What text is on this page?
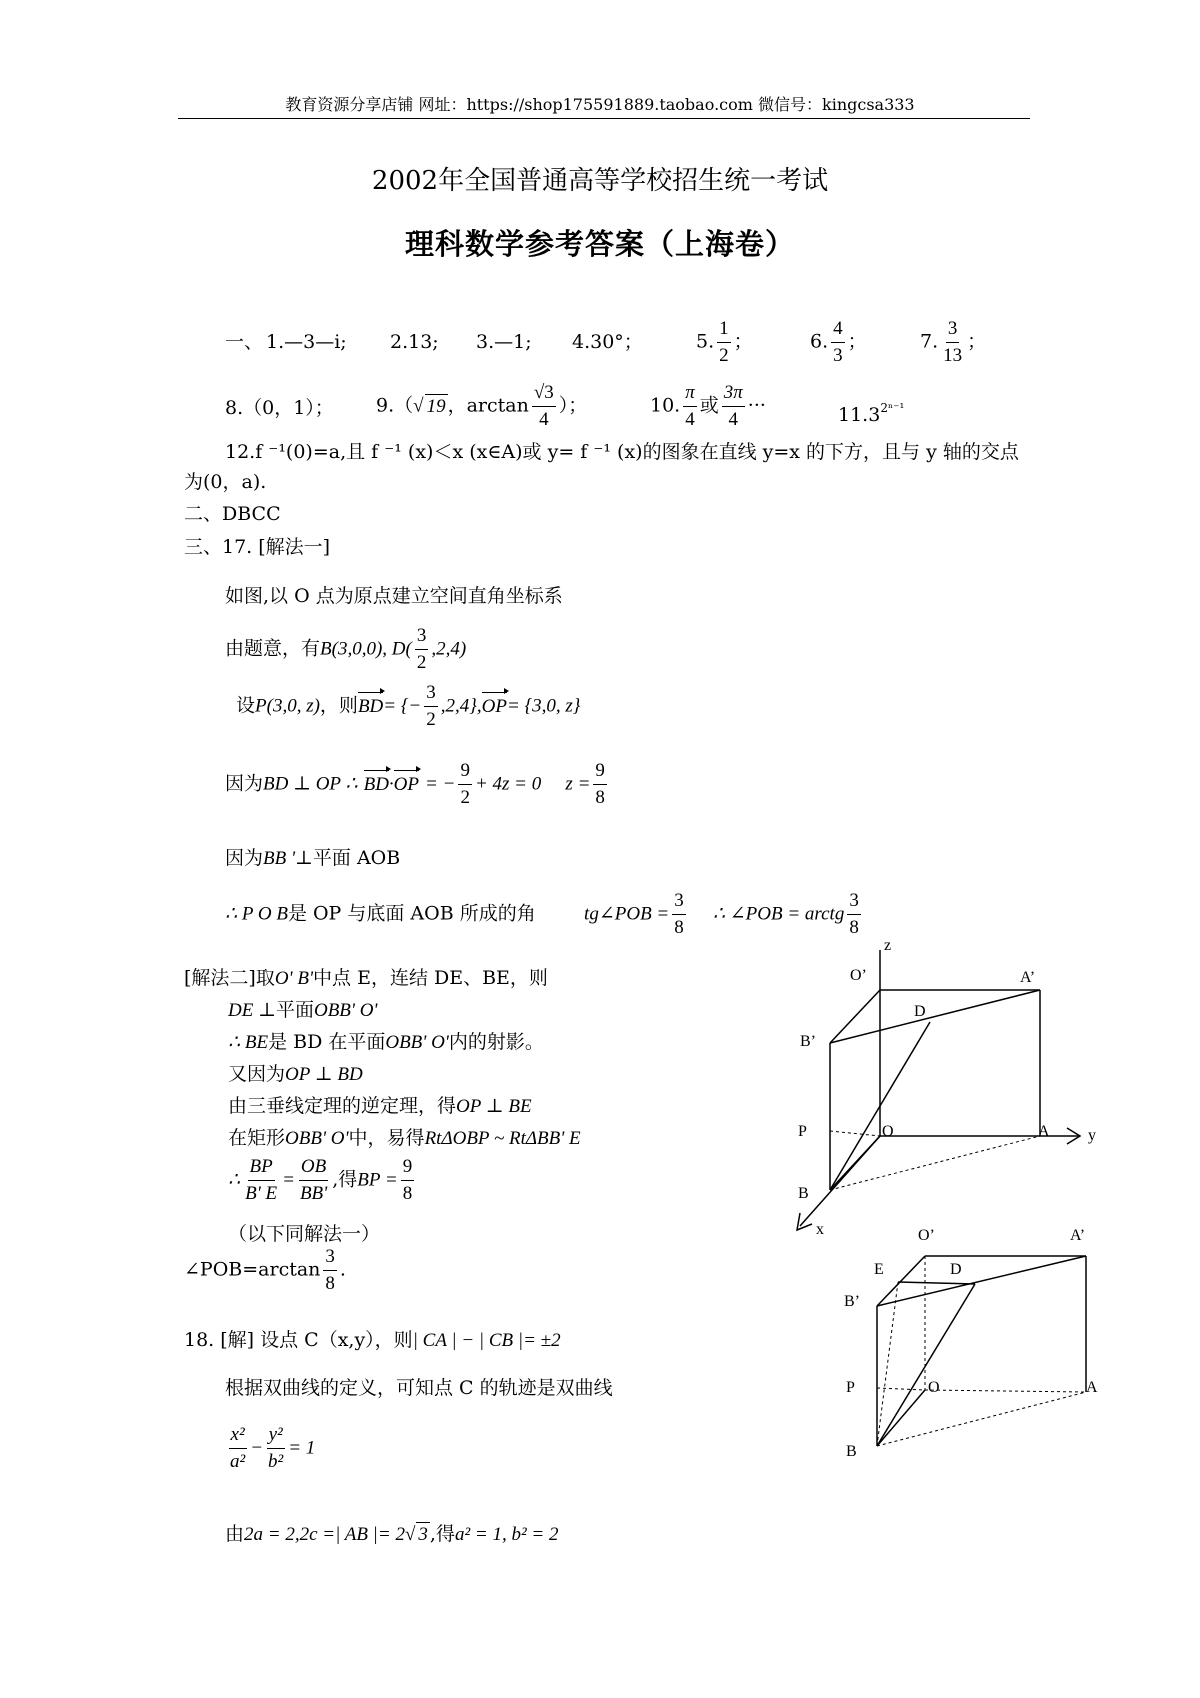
教育资源分享店铺 网址：https://shop175591889.taobao.com 微信号：kingcsa333
2002年全国普通高等学校招生统一考试
理科数学参考答案（上海卷）
一、 1.—3—i; 2.13; 3.—1; 4.30°；	5. $\frac{1}{2}$ ；	6. $\frac{4}{3}$ ；	7. $\frac{3}{13}$ ；
8.（0，1）； 9.（√ 19 ，$\arctan \frac{√3}{4}$ ）；	10. $\frac{\pi}{4}$ 或 $\frac{3\pi}{4}$ ···	$11.3^{2^{n-1}}$
12.f ⁻¹(0)=a,且 f ⁻¹ (x)＜x (x∈A)或 y= f ⁻¹ (x)的图象在直线 y=x 的下方，且与 y 轴的交点
为(0，a).
二、DBCC
三、17. [解法一]
如图,以 O 点为原点建立空间直角坐标系
由题意，有B(3,0,0), $D( \frac{3}{2} ,2,4)$
设P(3,0, z)，则BD= {− $\frac{3}{2} ,2,4\},OP= \{3,0$, z}
因为BD ⊥ OP ∴ BD·OP = − $\frac{9}{2} + 4z = 0$ $z = \frac{9}{8}$
因为BB '⊥平面 AOB
∴ P O B是 OP 与底面 AOB 所成的角	tg∠POB = $\frac{3}{8}$ ∴ ∠POB = arctg $\frac{3}{8}$
[解法二]取O' B'中点 E，连结 DE、BE，则
DE ⊥平面OBB' O'
∴ BE是 BD 在平面OBB' O'内的射影。
又因为OP ⊥ BD
由三垂线定理的逆定理，得OP ⊥ BE
在矩形OBB' O'中，易得RtΔOBP ~ RtΔBB' E
∴ $\frac{BP}{B' E} = \frac{OB}{BB'}$ ,得BP = $\frac{9}{8}$
（以下同解法一）
∠POB=arctan $\frac{3}{8}$ .
18. [解] 设点 C（x,y），则| CA | − | CB |= ±2
根据双曲线的定义，可知点 C 的轨迹是双曲线
$\frac{\text{x²}}{\text{a²}} - \frac{\text{y²}}{\text{b²}} = 1$
由2a = 2,2c =| AB |= 2√ 3 ,得a² = 1, b² = 2
z
O’	A’
D
B’
P	O	A y
B
x	O’	A’
E	D
B’
P	O	A
B
